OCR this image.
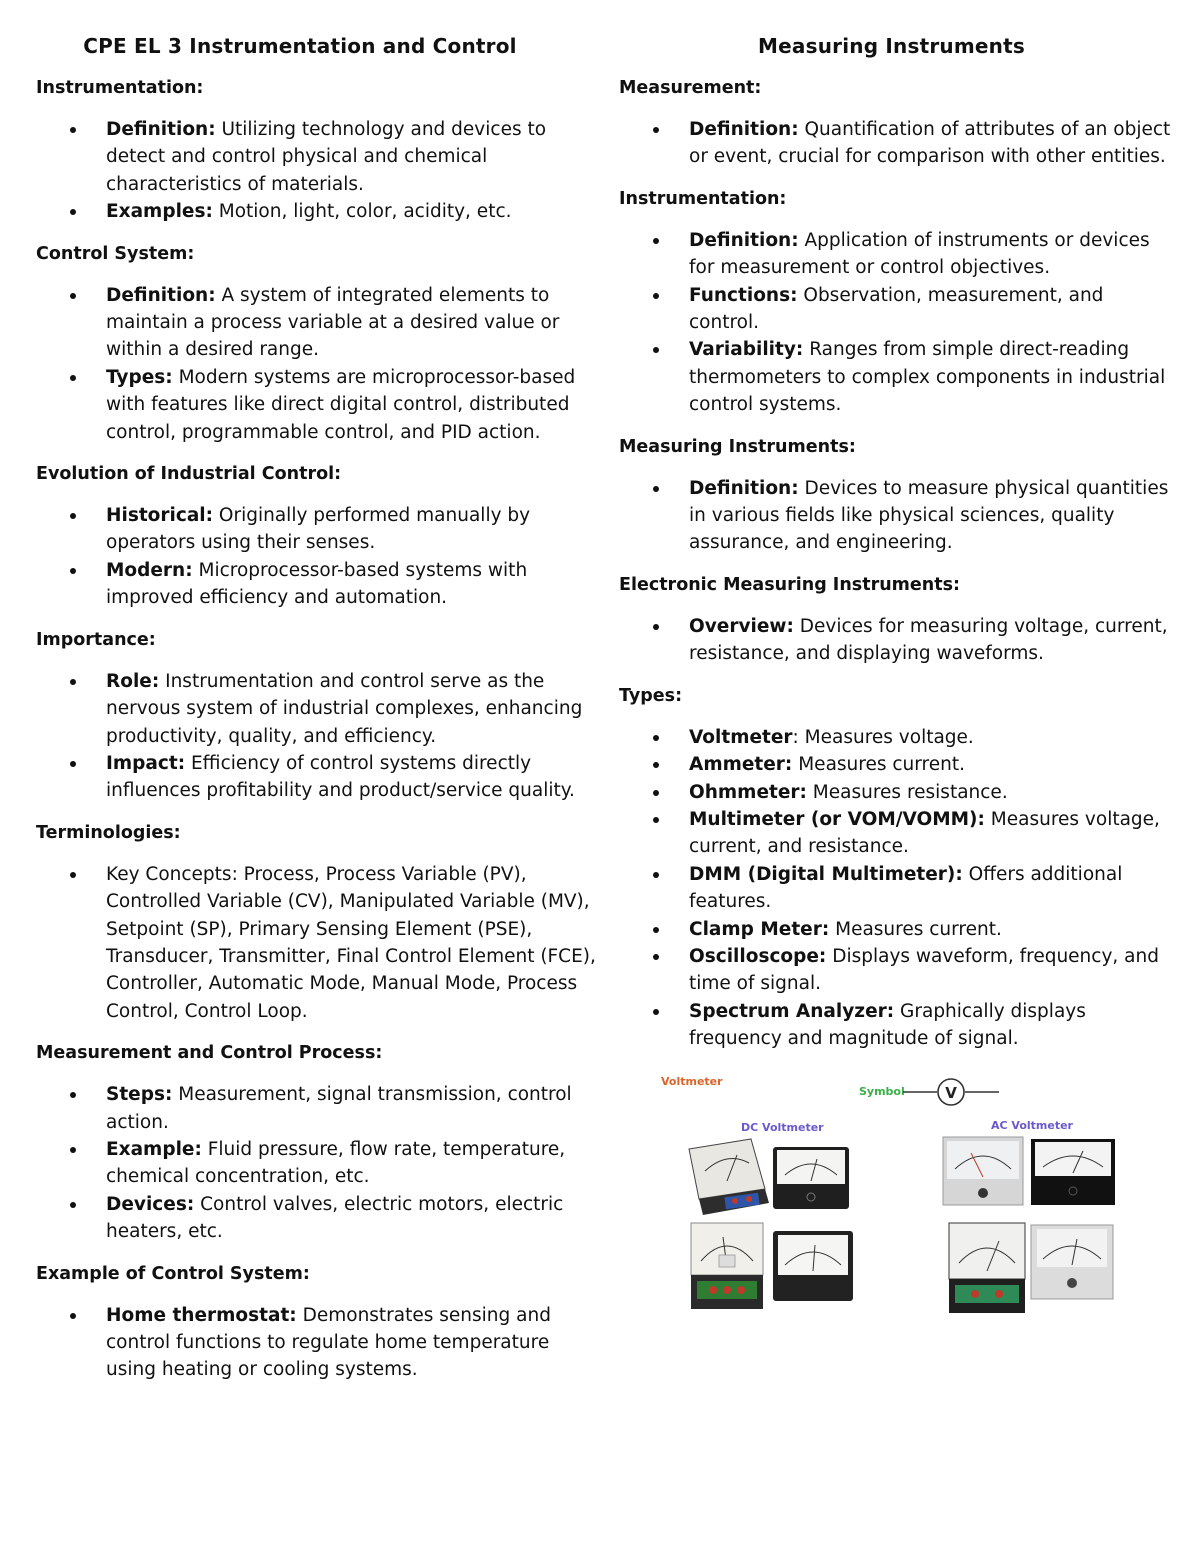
CPE EL 3 Instrumentation and Control
Instrumentation:
Definition: Utilizing technology and devices to detect and control physical and chemical characteristics of materials.
Examples: Motion, light, color, acidity, etc.
Control System:
Definition: A system of integrated elements to maintain a process variable at a desired value or within a desired range.
Types: Modern systems are microprocessor-based with features like direct digital control, distributed control, programmable control, and PID action.
Evolution of Industrial Control:
Historical: Originally performed manually by operators using their senses.
Modern: Microprocessor-based systems with improved efficiency and automation.
Importance:
Role: Instrumentation and control serve as the nervous system of industrial complexes, enhancing productivity, quality, and efficiency.
Impact: Efficiency of control systems directly influences profitability and product/service quality.
Terminologies:
Key Concepts: Process, Process Variable (PV), Controlled Variable (CV), Manipulated Variable (MV), Setpoint (SP), Primary Sensing Element (PSE), Transducer, Transmitter, Final Control Element (FCE), Controller, Automatic Mode, Manual Mode, Process Control, Control Loop.
Measurement and Control Process:
Steps: Measurement, signal transmission, control action.
Example: Fluid pressure, flow rate, temperature, chemical concentration, etc.
Devices: Control valves, electric motors, electric heaters, etc.
Example of Control System:
Home thermostat: Demonstrates sensing and control functions to regulate home temperature using heating or cooling systems.
Measuring Instruments
Measurement:
Definition: Quantification of attributes of an object or event, crucial for comparison with other entities.
Instrumentation:
Definition: Application of instruments or devices for measurement or control objectives.
Functions: Observation, measurement, and control.
Variability: Ranges from simple direct-reading thermometers to complex components in industrial control systems.
Measuring Instruments:
Definition: Devices to measure physical quantities in various fields like physical sciences, quality assurance, and engineering.
Electronic Measuring Instruments:
Overview: Devices for measuring voltage, current, resistance, and displaying waveforms.
Types:
Voltmeter: Measures voltage.
Ammeter: Measures current.
Ohmmeter: Measures resistance.
Multimeter (or VOM/VOMM): Measures voltage, current, and resistance.
DMM (Digital Multimeter): Offers additional features.
Clamp Meter: Measures current.
Oscilloscope: Displays waveform, frequency, and time of signal.
Spectrum Analyzer: Graphically displays frequency and magnitude of signal.
Voltmeter
Symbol	V
DC Voltmeter	AC Voltmeter
